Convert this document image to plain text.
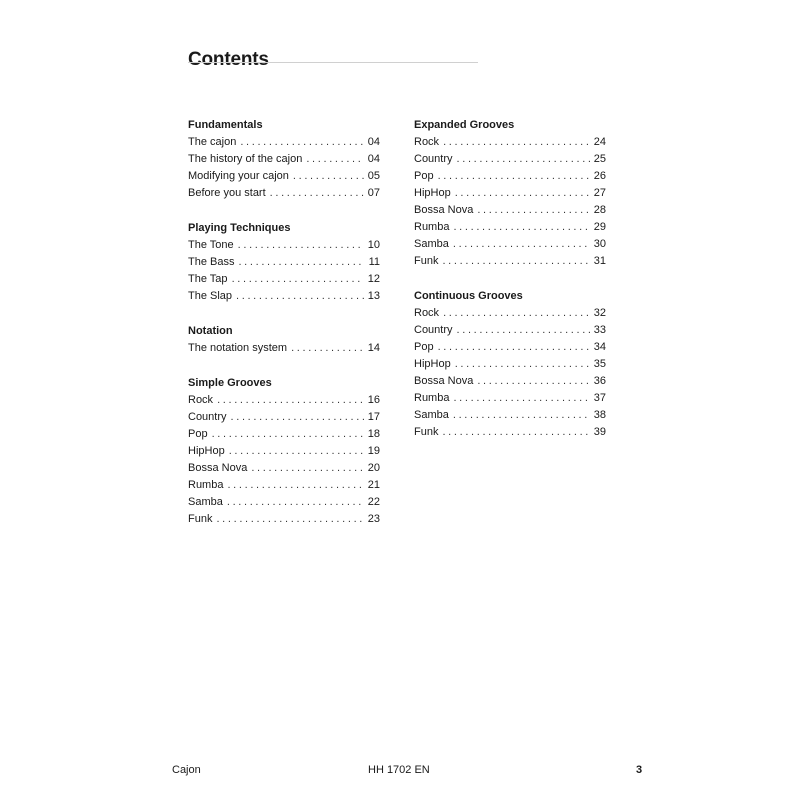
Contents
Fundamentals
The cajon . . .	04
The history of the cajon . . .	04
Modifying your cajon . . .	05
Before you start . . .	07
Playing Techniques
The Tone . . .	10
The Bass . . .	11
The Tap . . .	12
The Slap . . .	13
Notation
The notation system . . .	14
Simple Grooves
Rock . . .	16
Country . . .	17
Pop . . .	18
HipHop . . .	19
Bossa Nova . . .	20
Rumba . . .	21
Samba . . .	22
Funk . . .	23
Expanded Grooves
Rock . . .	24
Country . . .	25
Pop . . .	26
HipHop . . .	27
Bossa Nova . . .	28
Rumba . . .	29
Samba . . .	30
Funk . . .	31
Continuous Grooves
Rock . . .	32
Country . . .	33
Pop . . .	34
HipHop . . .	35
Bossa Nova . . .	36
Rumba . . .	37
Samba . . .	38
Funk . . .	39
Cajon	HH 1702 EN	3
